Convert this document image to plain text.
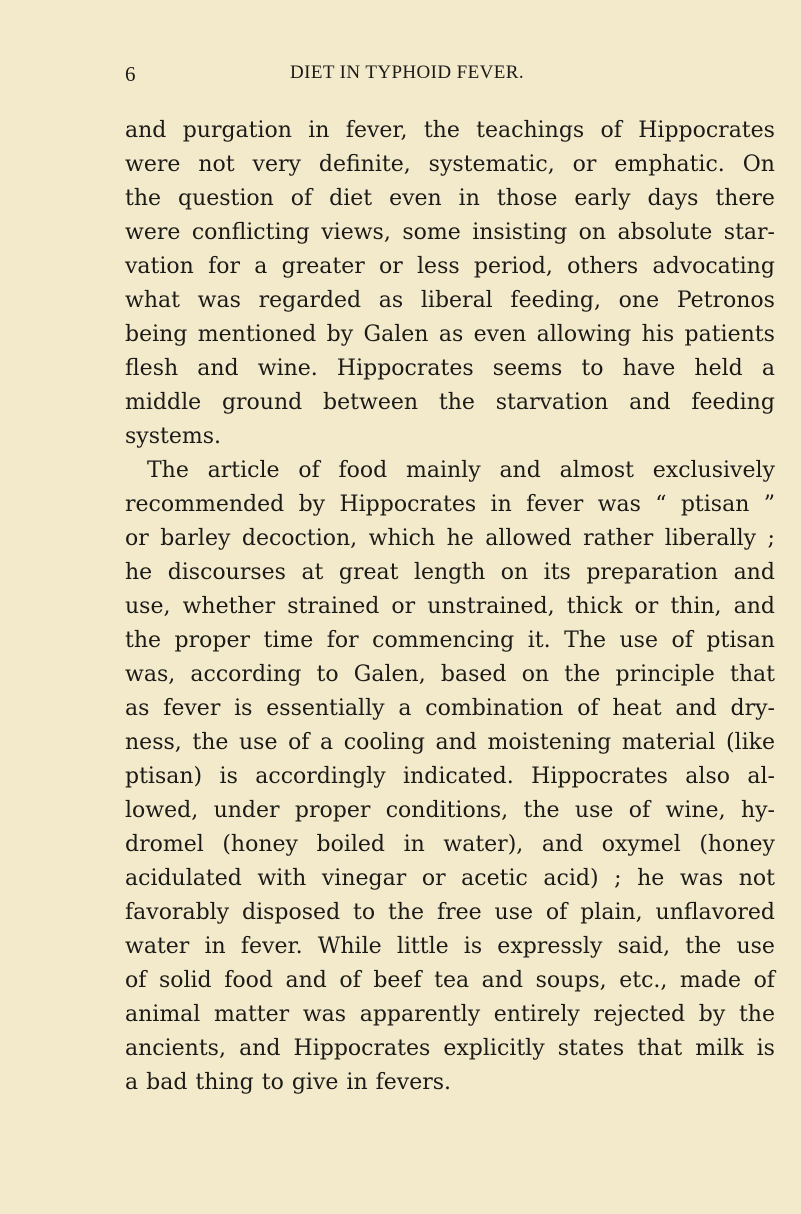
6	DIET IN TYPHOID FEVER.
and purgation in fever, the teachings of Hippocrates
were not very definite, systematic, or emphatic. On
the question of diet even in those early days there
were conflicting views, some insisting on absolute star-
vation for a greater or less period, others advocating
what was regarded as liberal feeding, one Petronos
being mentioned by Galen as even allowing his patients
flesh and wine. Hippocrates seems to have held a
middle ground between the starvation and feeding
systems.
The article of food mainly and almost exclusively
recommended by Hippocrates in fever was “ ptisan ”
or barley decoction, which he allowed rather liberally ;
he discourses at great length on its preparation and
use, whether strained or unstrained, thick or thin, and
the proper time for commencing it. The use of ptisan
was, according to Galen, based on the principle that
as fever is essentially a combination of heat and dry-
ness, the use of a cooling and moistening material (like
ptisan) is accordingly indicated. Hippocrates also al-
lowed, under proper conditions, the use of wine, hy-
dromel (honey boiled in water), and oxymel (honey
acidulated with vinegar or acetic acid) ; he was not
favorably disposed to the free use of plain, unflavored
water in fever. While little is expressly said, the use
of solid food and of beef tea and soups, etc., made of
animal matter was apparently entirely rejected by the
ancients, and Hippocrates explicitly states that milk is
a bad thing to give in fevers.
